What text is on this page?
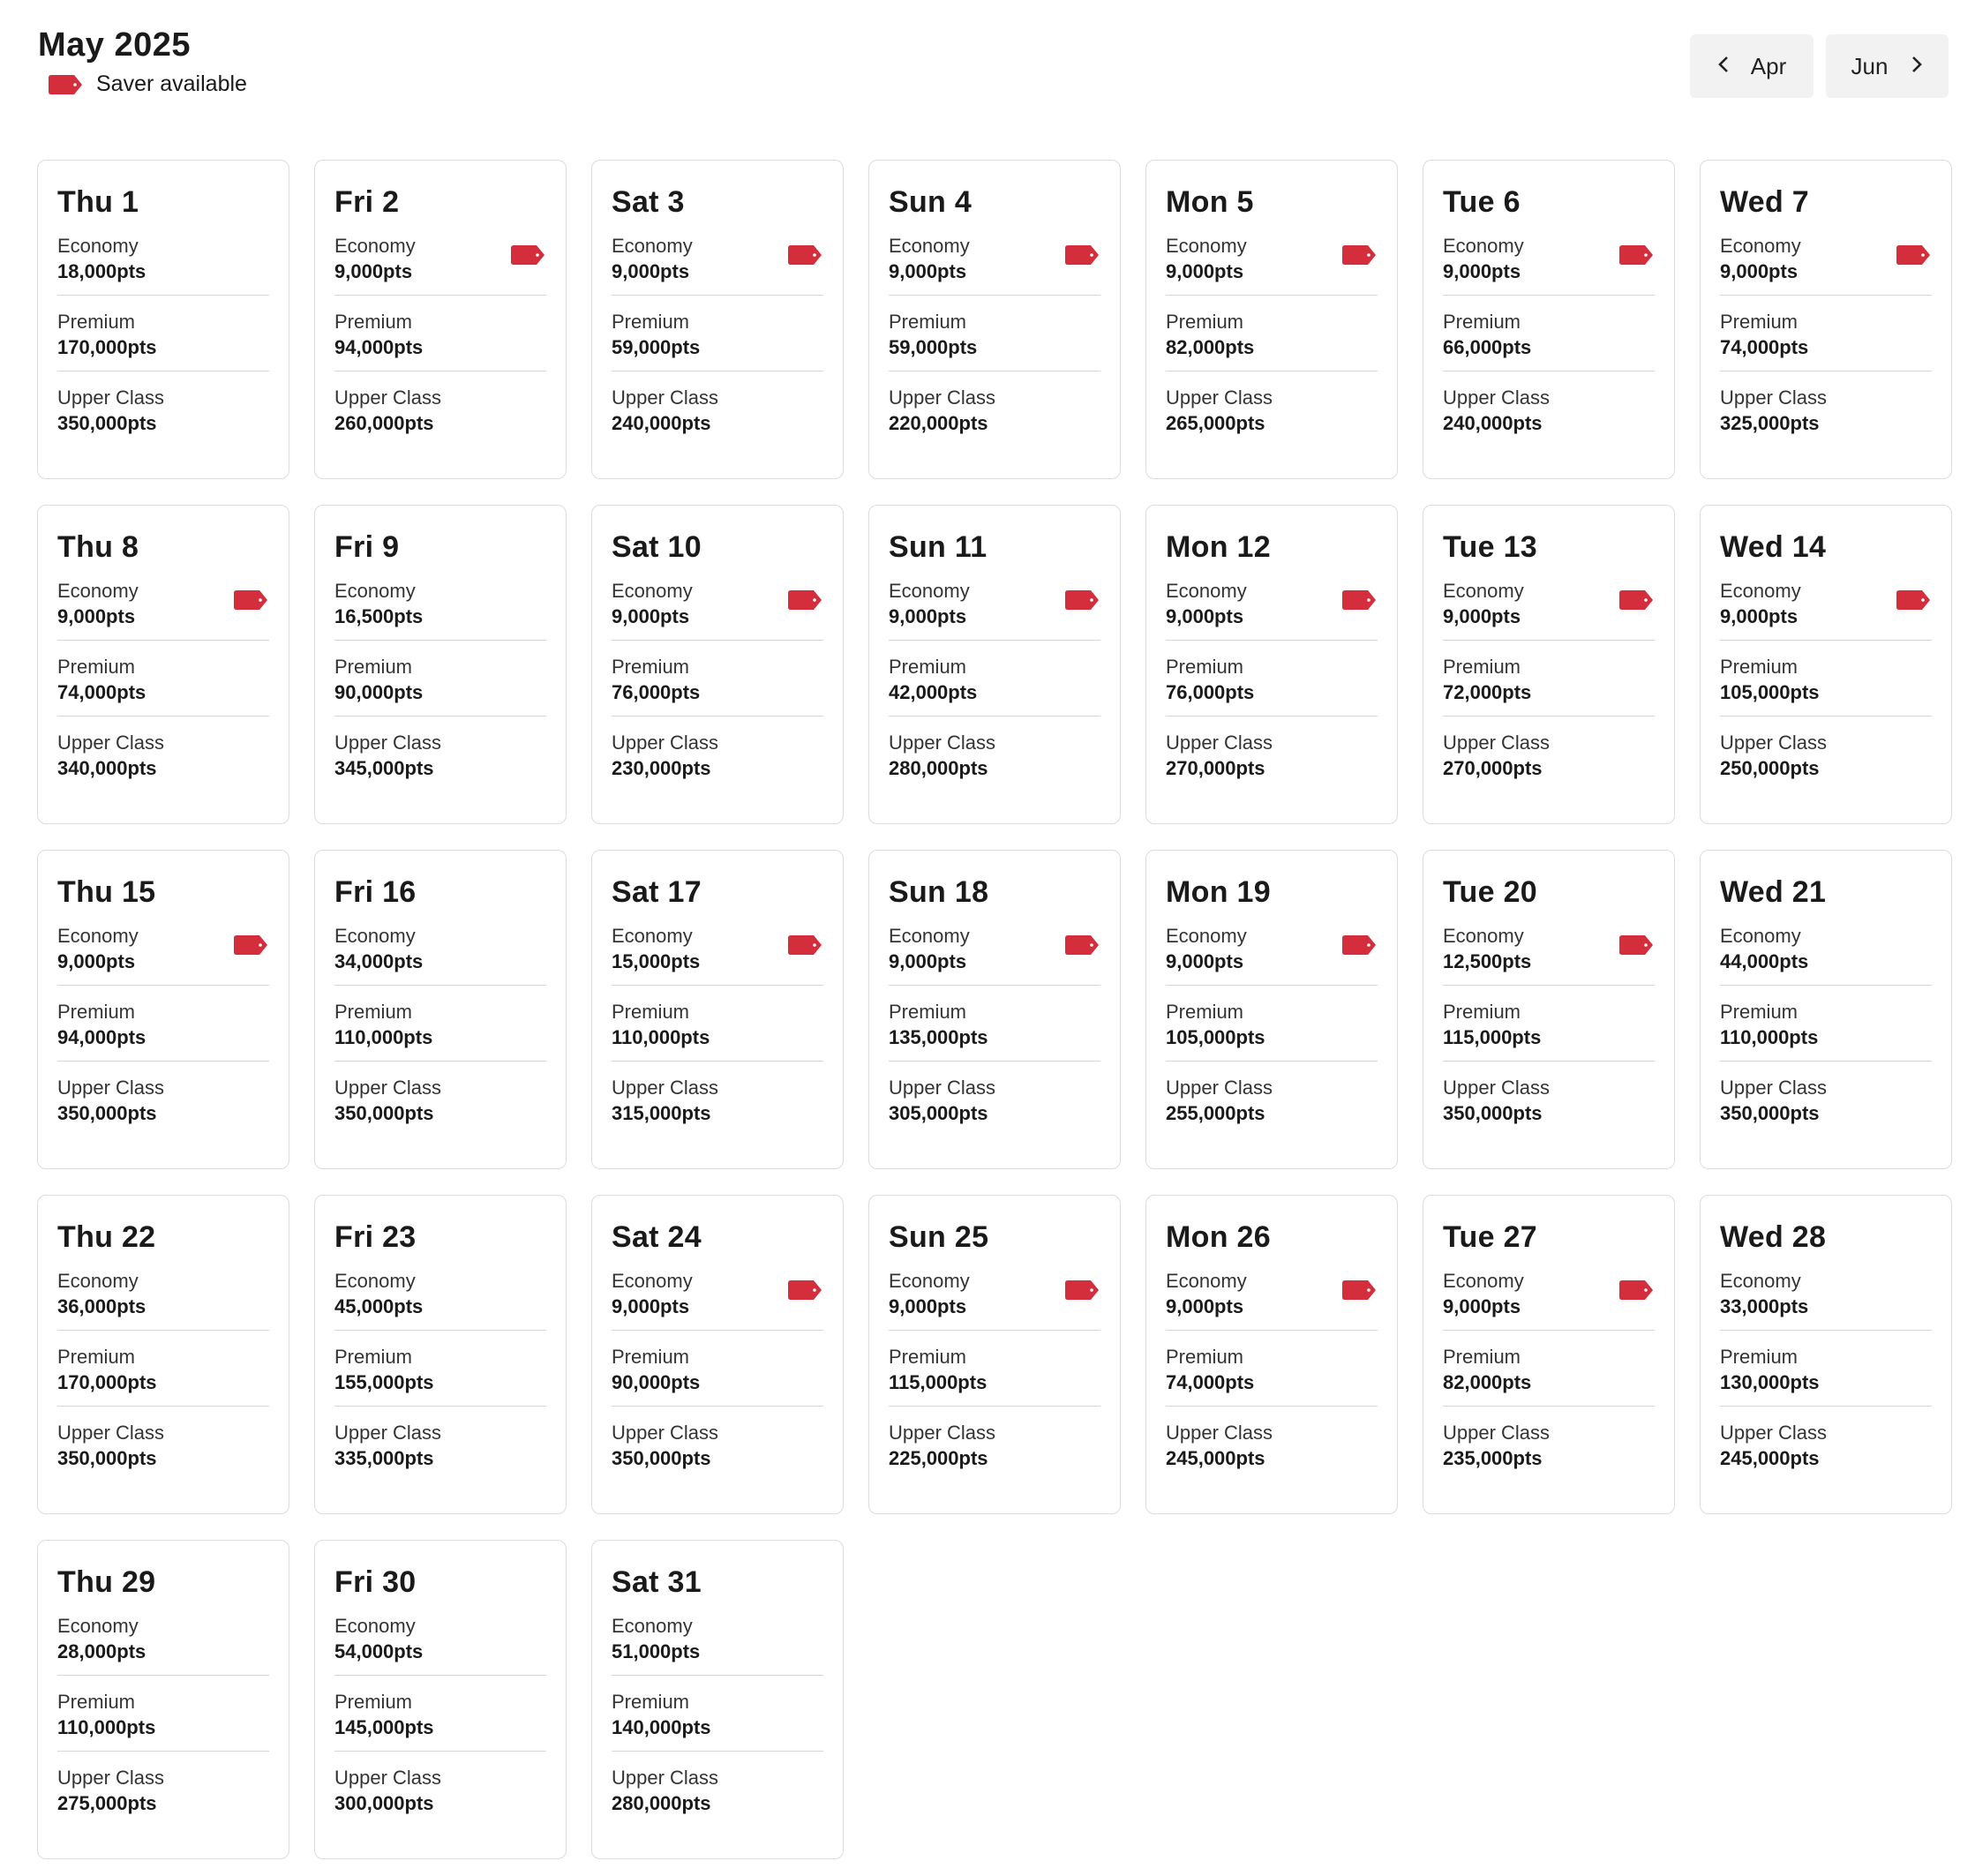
May 2025
Saver available
Apr	Jun
Thu 1
Economy
18,000pts
Premium
170,000pts
Upper Class
350,000pts
Fri 2
Economy
9,000pts
Premium
94,000pts
Upper Class
260,000pts
Sat 3
Economy
9,000pts
Premium
59,000pts
Upper Class
240,000pts
Sun 4
Economy
9,000pts
Premium
59,000pts
Upper Class
220,000pts
Mon 5
Economy
9,000pts
Premium
82,000pts
Upper Class
265,000pts
Tue 6
Economy
9,000pts
Premium
66,000pts
Upper Class
240,000pts
Wed 7
Economy
9,000pts
Premium
74,000pts
Upper Class
325,000pts
Thu 8
Economy
9,000pts
Premium
74,000pts
Upper Class
340,000pts
Fri 9
Economy
16,500pts
Premium
90,000pts
Upper Class
345,000pts
Sat 10
Economy
9,000pts
Premium
76,000pts
Upper Class
230,000pts
Sun 11
Economy
9,000pts
Premium
42,000pts
Upper Class
280,000pts
Mon 12
Economy
9,000pts
Premium
76,000pts
Upper Class
270,000pts
Tue 13
Economy
9,000pts
Premium
72,000pts
Upper Class
270,000pts
Wed 14
Economy
9,000pts
Premium
105,000pts
Upper Class
250,000pts
Thu 15
Economy
9,000pts
Premium
94,000pts
Upper Class
350,000pts
Fri 16
Economy
34,000pts
Premium
110,000pts
Upper Class
350,000pts
Sat 17
Economy
15,000pts
Premium
110,000pts
Upper Class
315,000pts
Sun 18
Economy
9,000pts
Premium
135,000pts
Upper Class
305,000pts
Mon 19
Economy
9,000pts
Premium
105,000pts
Upper Class
255,000pts
Tue 20
Economy
12,500pts
Premium
115,000pts
Upper Class
350,000pts
Wed 21
Economy
44,000pts
Premium
110,000pts
Upper Class
350,000pts
Thu 22
Economy
36,000pts
Premium
170,000pts
Upper Class
350,000pts
Fri 23
Economy
45,000pts
Premium
155,000pts
Upper Class
335,000pts
Sat 24
Economy
9,000pts
Premium
90,000pts
Upper Class
350,000pts
Sun 25
Economy
9,000pts
Premium
115,000pts
Upper Class
225,000pts
Mon 26
Economy
9,000pts
Premium
74,000pts
Upper Class
245,000pts
Tue 27
Economy
9,000pts
Premium
82,000pts
Upper Class
235,000pts
Wed 28
Economy
33,000pts
Premium
130,000pts
Upper Class
245,000pts
Thu 29
Economy
28,000pts
Premium
110,000pts
Upper Class
275,000pts
Fri 30
Economy
54,000pts
Premium
145,000pts
Upper Class
300,000pts
Sat 31
Economy
51,000pts
Premium
140,000pts
Upper Class
280,000pts
